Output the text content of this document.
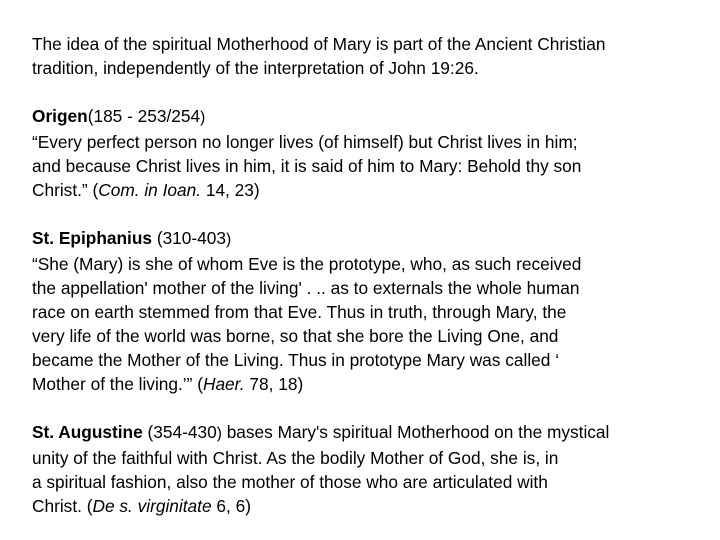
The idea of the spiritual Motherhood of Mary is part of the Ancient Christian
tradition, independently of the interpretation of John 19:26.

Origen(185 - 253/254)
“Every perfect person no longer lives (of himself) but Christ lives in him;
and because Christ lives in him, it is said of him to Mary: Behold thy son
Christ.” (Com. in Ioan. 14, 23)

St. Epiphanius (310-403)
“She (Mary) is she of whom Eve is the prototype, who, as such received
the appellation' mother of the living' . .. as to externals the whole human
race on earth stemmed from that Eve. Thus in truth, through Mary, the
very life of the world was borne, so that she bore the Living One, and
became the Mother of the Living. Thus in prototype Mary was called ‘
Mother of the living.’” (Haer. 78, 18)

St. Augustine (354-430) bases Mary's spiritual Motherhood on the mystical
unity of the faithful with Christ. As the bodily Mother of God, she is, in
a spiritual fashion, also the mother of those who are articulated with
Christ. (De s. virginitate 6, 6)
